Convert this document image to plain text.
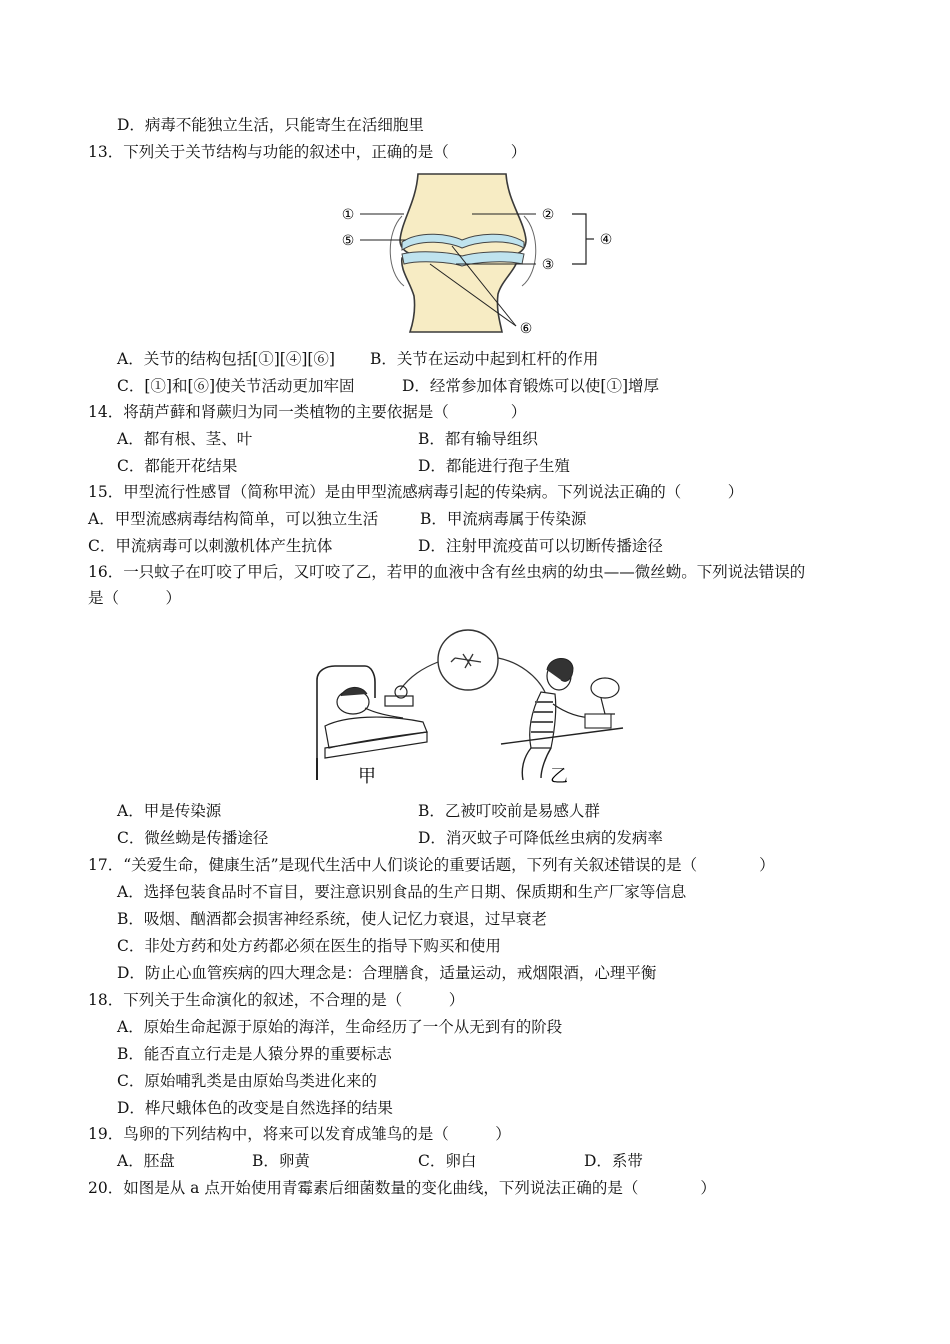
D．病毒不能独立生活，只能寄生在活细胞里
13．下列关于关节结构与功能的叙述中，正确的是（　　　　）
①
⑤
②
③
④
⑥
A．关节的结构包括[①][④][⑥] B．关节在运动中起到杠杆的作用
C．[①]和[⑥]使关节活动更加牢固	D．经常参加体育锻炼可以使[①]增厚
14．将葫芦藓和肾蕨归为同一类植物的主要依据是（　　　　）
A．都有根、茎、叶	B．都有输导组织
C．都能开花结果	D．都能进行孢子生殖
15．甲型流行性感冒（简称甲流）是由甲型流感病毒引起的传染病。下列说法正确的（　　　）
A．甲型流感病毒结构简单，可以独立生活	B．甲流病毒属于传染源
C．甲流病毒可以刺激机体产生抗体	D．注射甲流疫苗可以切断传播途径
16．一只蚊子在叮咬了甲后，又叮咬了乙，若甲的血液中含有丝虫病的幼虫——微丝蚴。下列说法错误的
是（　　　）
甲	乙
A．甲是传染源	B．乙被叮咬前是易感人群
C．微丝蚴是传播途径	D．消灭蚊子可降低丝虫病的发病率
17．“关爱生命，健康生活”是现代生活中人们谈论的重要话题，下列有关叙述错误的是（　　　　）
A．选择包装食品时不盲目，要注意识别食品的生产日期、保质期和生产厂家等信息
B．吸烟、酗酒都会损害神经系统，使人记忆力衰退，过早衰老
C．非处方药和处方药都必须在医生的指导下购买和使用
D．防止心血管疾病的四大理念是：合理膳食，适量运动，戒烟限酒，心理平衡
18．下列关于生命演化的叙述，不合理的是（　　　）
A．原始生命起源于原始的海洋，生命经历了一个从无到有的阶段
B．能否直立行走是人猿分界的重要标志
C．原始哺乳类是由原始鸟类进化来的
D．桦尺蛾体色的改变是自然选择的结果
19．鸟卵的下列结构中，将来可以发育成雏鸟的是（　　　）
A．胚盘	B．卵黄	C．卵白	D．系带
20．如图是从 a 点开始使用青霉素后细菌数量的变化曲线，下列说法正确的是（　　　　）
